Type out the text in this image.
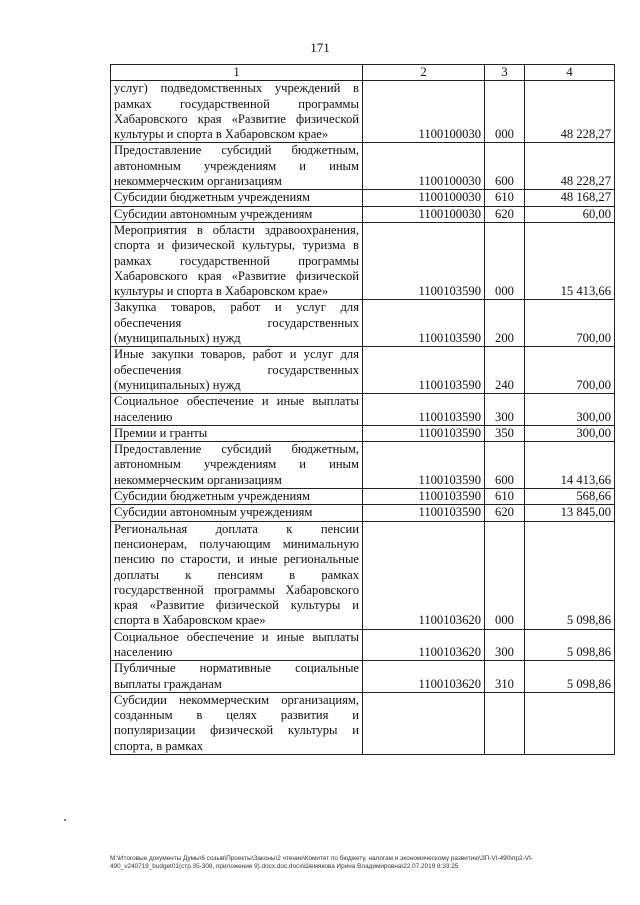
171
1	2	3	4
услуг) подведомственных учреждений в рамках государственной программы Хабаровского края «Развитие физической культуры и спорта в Хабаровском крае»	1100100030	000	48 228,27
Предоставление субсидий бюджетным, автономным учреждениям и иным некоммерческим организациям	1100100030	600	48 228,27
Субсидии бюджетным учреждениям	1100100030	610	48 168,27
Субсидии автономным учреждениям	1100100030	620	60,00
Мероприятия в области здравоохранения, спорта и физической культуры, туризма в рамках государственной программы Хабаровского края «Развитие физической культуры и спорта в Хабаровском крае»	1100103590	000	15 413,66
Закупка товаров, работ и услуг для обеспечения государственных (муниципальных) нужд	1100103590	200	700,00
Иные закупки товаров, работ и услуг для обеспечения государственных (муниципальных) нужд	1100103590	240	700,00
Социальное обеспечение и иные выплаты населению	1100103590	300	300,00
Премии и гранты	1100103590	350	300,00
Предоставление субсидий бюджетным, автономным учреждениям и иным некоммерческим организациям	1100103590	600	14 413,66
Субсидии бюджетным учреждениям	1100103590	610	568,66
Субсидии автономным учреждениям	1100103590	620	13 845,00
Региональная доплата к пенсии пенсионерам, получающим минимальную пенсию по старости, и иные региональные доплаты к пенсиям в рамках государственной программы Хабаровского края «Развитие физической культуры и спорта в Хабаровском крае»	1100103620	000	5 098,86
Социальное обеспечение и иные выплаты населению	1100103620	300	5 098,86
Публичные нормативные социальные выплаты гражданам	1100103620	310	5 098,86
Субсидии некоммерческим организациям, созданным в целях развития и популяризации физической культуры и спорта, в рамках			
М:\Итоговые документы Думы\6 созыв\Проекты\Законы\2 чтение\Комитет по бюджету, налогам и экономическому развитию\ЗП-VI-490\пр2-VI-490_v240719_budget01(стр.35-308, приложение 9).docx.doc.docx\Шемякова Ирина Владимировна\22.07.2019 8:33:25
